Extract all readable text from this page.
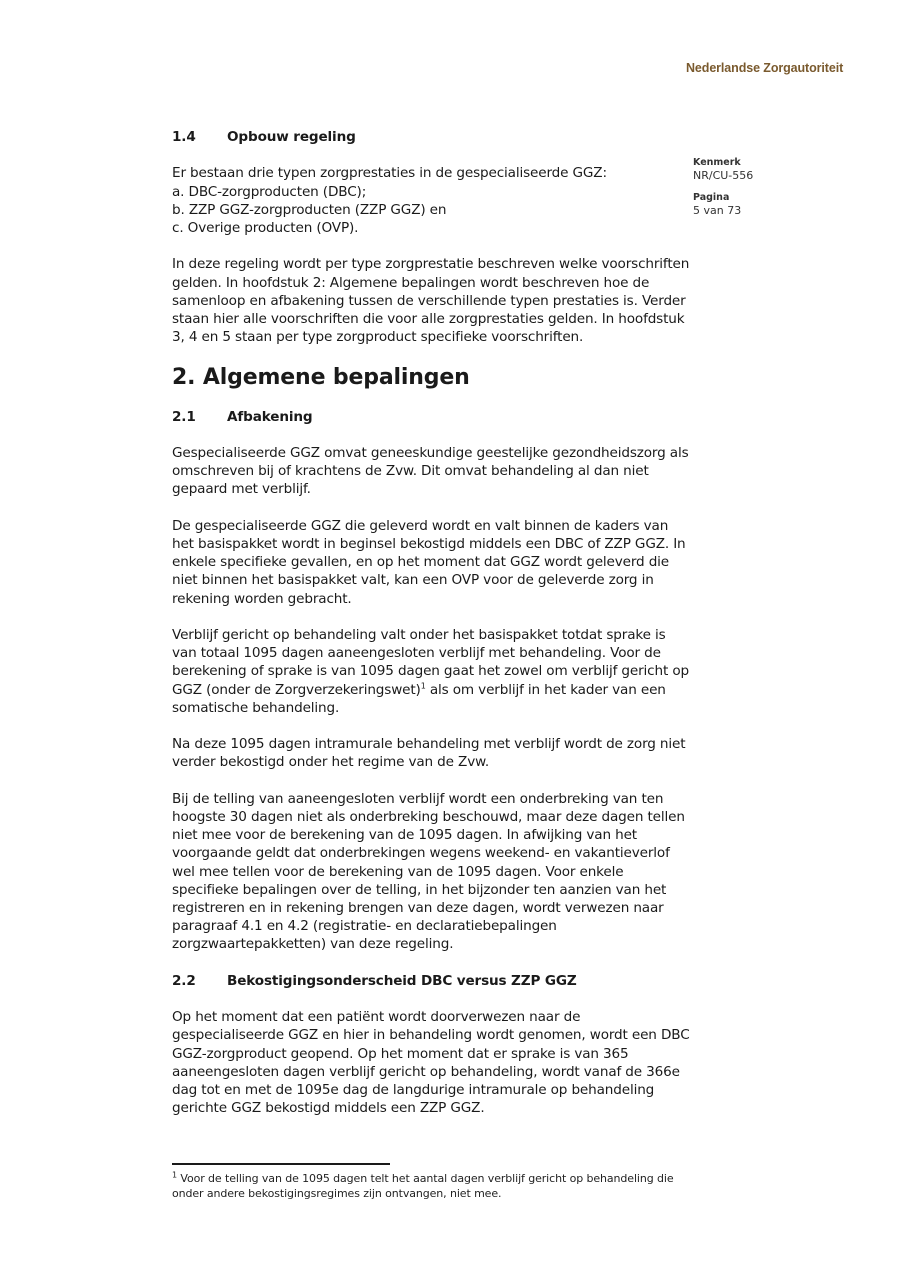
Nederlandse Zorgautoriteit
Kenmerk
NR/CU-556
Pagina
5 van 73
1.4	Opbouw regeling

Er bestaan drie typen zorgprestaties in de gespecialiseerde GGZ:
a. DBC-zorgproducten (DBC);
b. ZZP GGZ-zorgproducten (ZZP GGZ) en
c. Overige producten (OVP).

In deze regeling wordt per type zorgprestatie beschreven welke voorschriften gelden. In hoofdstuk 2: Algemene bepalingen wordt beschreven hoe de samenloop en afbakening tussen de verschillende typen prestaties is. Verder staan hier alle voorschriften die voor alle zorgprestaties gelden. In hoofdstuk 3, 4 en 5 staan per type zorgproduct specifieke voorschriften.

2. Algemene bepalingen
2.1	Afbakening

Gespecialiseerde GGZ omvat geneeskundige geestelijke gezondheidszorg als omschreven bij of krachtens de Zvw. Dit omvat behandeling al dan niet gepaard met verblijf.

De gespecialiseerde GGZ die geleverd wordt en valt binnen de kaders van het basispakket wordt in beginsel bekostigd middels een DBC of ZZP GGZ. In enkele specifieke gevallen, en op het moment dat GGZ wordt geleverd die niet binnen het basispakket valt, kan een OVP voor de geleverde zorg in rekening worden gebracht.

Verblijf gericht op behandeling valt onder het basispakket totdat sprake is van totaal 1095 dagen aaneengesloten verblijf met behandeling. Voor de berekening of sprake is van 1095 dagen gaat het zowel om verblijf gericht op GGZ (onder de Zorgverzekeringswet)$^1$ als om verblijf in het kader van een somatische behandeling.

Na deze 1095 dagen intramurale behandeling met verblijf wordt de zorg niet verder bekostigd onder het regime van de Zvw.

Bij de telling van aaneengesloten verblijf wordt een onderbreking van ten hoogste 30 dagen niet als onderbreking beschouwd, maar deze dagen tellen niet mee voor de berekening van de 1095 dagen. In afwijking van het voorgaande geldt dat onderbrekingen wegens weekend- en vakantieverlof wel mee tellen voor de berekening van de 1095 dagen. Voor enkele specifieke bepalingen over de telling, in het bijzonder ten aanzien van het registreren en in rekening brengen van deze dagen, wordt verwezen naar paragraaf 4.1 en 4.2 (registratie- en declaratiebepalingen zorgzwaartepakketten) van deze regeling.

2.2	Bekostigingsonderscheid DBC versus ZZP GGZ

Op het moment dat een patiënt wordt doorverwezen naar de gespecialiseerde GGZ en hier in behandeling wordt genomen, wordt een DBC GGZ-zorgproduct geopend. Op het moment dat er sprake is van 365 aaneengesloten dagen verblijf gericht op behandeling, wordt vanaf de 366e dag tot en met de 1095e dag de langdurige intramurale op behandeling gerichte GGZ bekostigd middels een ZZP GGZ.

$^1$ Voor de telling van de 1095 dagen telt het aantal dagen verblijf gericht op behandeling die onder andere bekostigingsregimes zijn ontvangen, niet mee.
